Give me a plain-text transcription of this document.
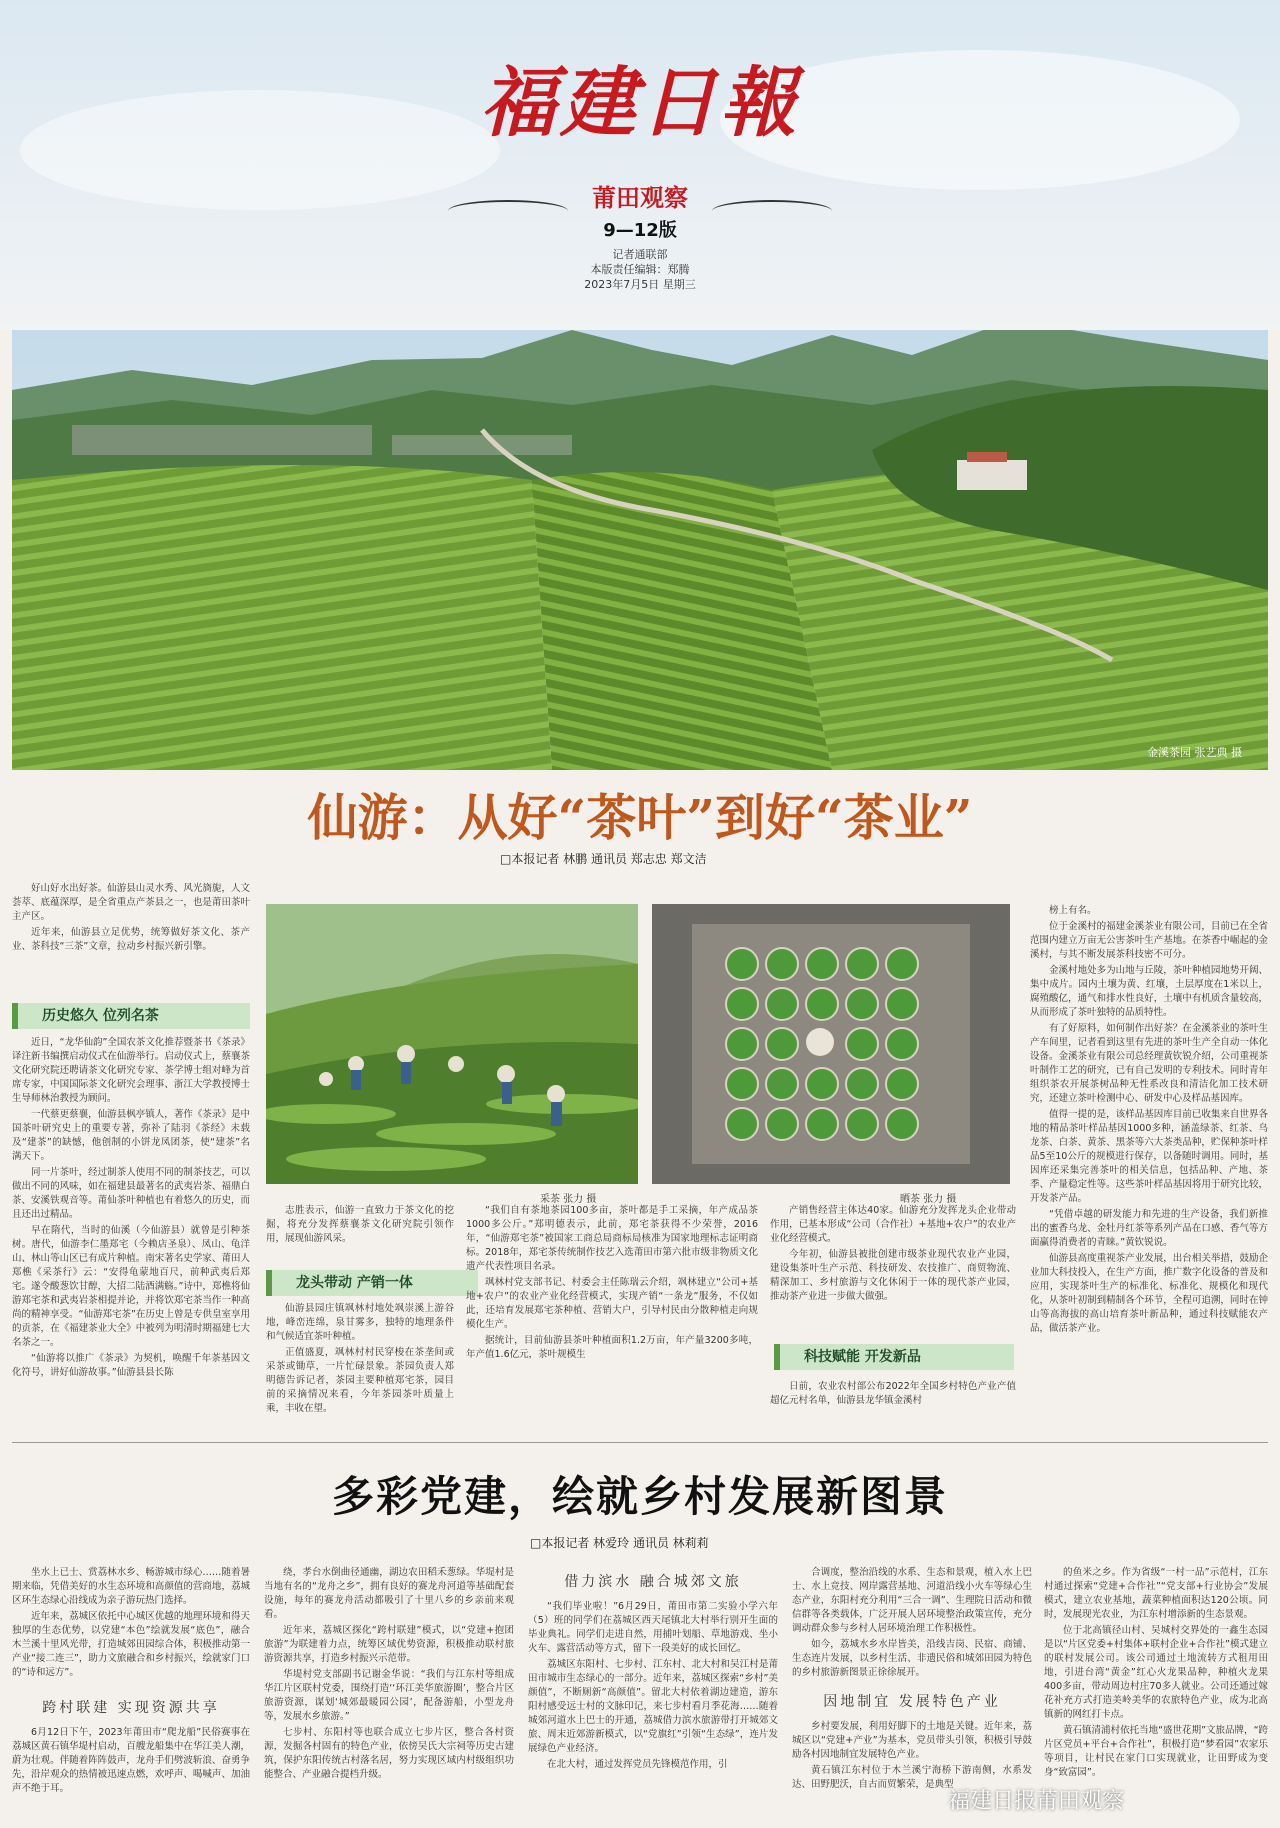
福建日報
莆田观察
9—12版
记者通联部
本版责任编辑：郑腾
2023年7月5日 星期三
金溪茶园 张艺典 摄
仙游：从好“茶叶”到好“茶业”
□本报记者 林鹏 通讯员 郑志忠 郑文洁

好山好水出好茶。仙游县山灵水秀、风光旖旎，人文荟萃、底蕴深厚，是全省重点产茶县之一，也是莆田茶叶主产区。

近年来，仙游县立足优势，统筹做好茶文化、茶产业、茶科技“三茶”文章，拉动乡村振兴新引擎。

历史悠久 位列名茶

近日，“龙华仙韵”全国农茶文化推荐暨茶书《茶录》译注新书编撰启动仪式在仙游举行。启动仪式上，蔡襄茶文化研究院还聘请茶文化研究专家、茶学博士组对峰为首席专家，中国国际茶文化研究会理事、浙江大学教授博士生导师林治教授为顾问。

一代蔡更蔡襄，仙游县枫亭镇人，著作《茶录》是中国茶叶研究史上的重要专著，弥补了陆羽《茶经》未载及“建茶”的缺憾，他创制的小饼龙凤团茶，使“建茶”名满天下。

同一片茶叶，经过制茶人使用不同的制茶技艺，可以做出不同的风味，如在福建县最著名的武夷岩茶、福鼎白茶、安溪铁观音等。莆仙茶叶种植也有着悠久的历史，而且还出过精品。

早在隋代，当时的仙溪（今仙游县）就曾是引种茶树。唐代，仙游李仁墨郑宅（今赖店圣泉）、凤山、龟洋山、林山等山区已有成片种植。南宋著名史学家、莆田人郑樵《采茶行》云：“安得龟蒙地百尺，前种武夷后郑宅。遂令酸葱饮甘醇，大招二陆酒满觞。”诗中，郑樵将仙游郑宅茶和武夷岩茶相提并论，并将饮郑宅茶当作一种高尚的精神享受。“仙游郑宅茶”在历史上曾是专供皇室享用的贡茶，在《福建茶业大全》中被列为明清时期福建七大名茶之一。

“仙游将以推广《茶录》为契机，唤醒千年茶基因文化符号，讲好仙游故事。”仙游县县长陈

采茶 张力 摄	晒茶 张力 摄

志胜表示，仙游一直致力于茶文化的挖掘，将充分发挥蔡襄茶文化研究院引领作用，展现仙游风采。

龙头带动 产销一体

仙游县园庄镇飒林村地处飒崇溪上游谷地，峰峦连绵，泉甘雾多，独特的地理条件和气候适宜茶叶种植。

正值盛夏，飒林村村民穿梭在茶垄间或采茶或锄草，一片忙碌景象。茶园负责人郑明德告诉记者，茶园主要种植郑宅茶，园目前的采摘情况来看，今年茶园茶叶质量上乘，丰收在望。

“我们自有茶地茶园100多亩，茶叶都是手工采摘，年产成品茶1000多公斤。”郑明德表示，此前，郑宅茶获得不少荣誉，2016年，“仙游郑宅茶”被国家工商总局商标局核准为国家地理标志证明商标。2018年，郑宅茶传统制作技艺入选莆田市第六批市级非物质文化遗产代表性项目名录。

飒林村党支部书记、村委会主任陈瑞云介绍，飒林建立“公司+基地+农户”的农业产业化经营模式，实现产销“一条龙”服务，不仅如此，还培育发展郑宅茶种植、营销大户，引导村民由分散种植走向规模化生产。

据统计，目前仙游县茶叶种植面积1.2万亩，年产量3200多吨，年产值1.6亿元，茶叶规模生

产销售经营主体达40家。仙游充分发挥龙头企业带动作用，已基本形成“公司（合作社）+基地+农户”的农业产业化经营模式。

今年初，仙游县被批创建市级茶业现代农业产业园，建设集茶叶生产示范、科技研发、农技推广、商贸物流、精深加工、乡村旅游与文化休闲于一体的现代茶产业园，推动茶产业进一步做大做强。

科技赋能 开发新品

日前，农业农村部公布2022年全国乡村特色产业产值超亿元村名单，仙游县龙华镇金溪村

榜上有名。

位于金溪村的福建金溪茶业有限公司，目前已在全省范围内建立万亩无公害茶叶生产基地。在茶香中崛起的金溪村，与其不断发展茶科技密不可分。

金溪村地处多为山地与丘陵，茶叶种植园地势开阔、集中成片。园内土壤为黄、红壤，土层厚度在1米以上，腐殖酸亿，通气和排水性良好，土壤中有机质含量较高，从而形成了茶叶独特的品质特性。

有了好原料，如何制作出好茶？在金溪茶业的茶叶生产车间里，记者看到这里有先进的茶叶生产全自动一体化设备。金溪茶业有限公司总经理黄钦锐介绍，公司重视茶叶制作工艺的研究，已有自己发明的专利技术。同时青年组织茶农开展茶树品种无性系改良和清洁化加工技术研究，还建立茶叶检测中心、研发中心及样品基因库。

值得一提的是，该样品基因库目前已收集来自世界各地的精品茶叶样品基因1000多种，涵盖绿茶、红茶、乌龙茶、白茶、黄茶、黑茶等六大茶类品种，贮保种茶叶样品5至10公斤的规模进行保存，以备随时调用。同时，基因库还采集完善茶叶的相关信息，包括品种、产地、茶季、产量稳定性等。这些茶叶样品基因将用于研究比较，开发茶产品。

“凭借卓越的研发能力和先进的生产设备，我们新推出的蜜香乌龙、金牡丹红茶等系列产品在口感、香气等方面赢得消费者的青睐。”黄钦锐说。

仙游县高度重视茶产业发展，出台相关举措，鼓励企业加大科技投入，在生产方面，推广数字化设备的普及和应用，实现茶叶生产的标准化、标准化、规模化和现代化，从茶叶初制到精制各个环节，全程可追溯，同时在钟山等高海拔的高山培育茶叶新品种，通过科技赋能农产品，做活茶产业。

多彩党建，绘就乡村发展新图景
□本报记者 林爱玲 通讯员 林莉莉

坐水上已士、赏荔林水乡、畅游城市绿心……随着暑期来临，凭借美好的水生态环境和高颜值的营商地，荔城区环生态绿心沿线成为亲子游玩热门选择。

近年来，荔城区依托中心城区优越的地理环境和得天独厚的生态优势，以党建“本色”绘就发展“底色”，融合木兰溪十里风光带，打造城郊田园综合体，积极推动第一产业“接二连三”，助力文旅融合和乡村振兴，绘就家门口的“诗和远方”。

跨村联建 实现资源共享

6月12日下午，2023年莆田市“爬龙船”民俗赛事在荔城区黄石镇华堤村启动，百艘龙船集中在华江美人潮，蔚为壮观。伴随着阵阵鼓声，龙舟手们劈波斩浪、奋勇争先，沿岸观众的热情被迅速点燃，欢呼声、喝喊声、加油声不绝于耳。

绕，孝台水倒曲径通幽，湖边农田稻禾葱绿。华堤村是当地有名的“龙舟之乡”，拥有良好的赛龙舟河道等基础配套设施，每年的赛龙舟活动都吸引了十里八乡的乡亲前来观看。

近年来，荔城区探化“跨村联建”模式，以“党建+抱团旅游”为联建着力点，统筹区域优势资源，积极推动联村旅游资源共享，打造乡村振兴示范带。

华堤村党支部副书记谢金华说：“我们与江东村等组成华江片区联村党委，围绕打造‘‘环江美华旅游圈’，整合片区旅游资源，谋划‘城郊最暖园公园’，配备游船，小型龙舟等，发展水乡旅游。”

七步村、东阳村等也联合成立七步片区，整合各村资源，发掘各村固有的特色产业，依傍吴氏大宗祠等历史古建筑，保护东阳传统古村落名居，努力实现区域内村级组织功能整合、产业融合提档升级。

借力滨水 融合城郊文旅

“我们毕业啦！”6月29日，莆田市第二实验小学六年（5）班的同学们在荔城区西天尾镇北大村举行别开生面的毕业典礼。同学们走进自然，用捕叶划船、草地游戏、坐小火车、露营活动等方式，留下一段美好的成长回忆。

荔城区东阳村、七步村、江东村、北大村和吴江村是莆田市城市生态绿心的一部分。近年来，荔城区探索“乡村”美颜值”，不断厕新“高颜值”。留北大村依着湖边建造，游东阳村感受远士村的文脉印记，来七步村看月季花海……随着城郊河道水上巴士的开通，荔城借力滨水旅游带打开城郊文旅、周末近郊游新模式，以“党旗红”引领“生态绿”，连片发展绿色产业经济。

在北大村，通过发挥党员先锋模范作用，引

合调度，整治沿线的水系、生态和景观，植入水上巴士、水上竞技、网岸露营基地、河道沿线小火车等绿心生态产业，东阳村充分利用“三合一调”、生理院日活动和微信群等各类载体，广泛开展人居环境整治政策宣传，充分调动群众参与乡村人居环境治理工作积极性。

如今，荔城水乡水岸皆美，沿线吉岗、民宿、商铺、生态连片发展，以乡村生活、非遗民俗和城郊田园为特色的乡村旅游新图景正徐徐展开。

因地制宜 发展特色产业

乡村要发展，利用好脚下的土地是关键。近年来，荔城区以“党建+产业”为基本，党员带头引领，积极引导鼓励各村因地制宜发展特色产业。

黄石镇江东村位于木兰溪宁海桥下游南侧，水系发达、田野肥沃，自古而贸繁荣，是典型

的鱼米之乡。作为省级“一村一品”示范村，江东村通过探索“党建+合作社”“党支部+行业协会”发展模式，建立农业基地，蔬菜种植面积达120公顷。同时，发展现光农业，为江东村增添新的生态景观。

位于北高镇径山村、吴城村交界处的一鑫生态园是以“片区党委+村集体+联村企业+合作社”模式建立的联村发展公司。该公司通过土地流转方式租用田地，引进台湾“黄金”红心火龙果品种，种植火龙果400多亩，带动周边村庄70多人就业。公司还通过嫁花补充方式打造美岭美华的农旅特色产业，成为北高镇新的网红打卡点。

黄石镇清浦村依托当地“盛世花期”文旅品牌，“跨片区党员+平台+合作社”，积极打造“梦看园”农家乐等项目，让村民在家门口实现就业，让田野成为变身“致富园”。

福建日报莆田观察
